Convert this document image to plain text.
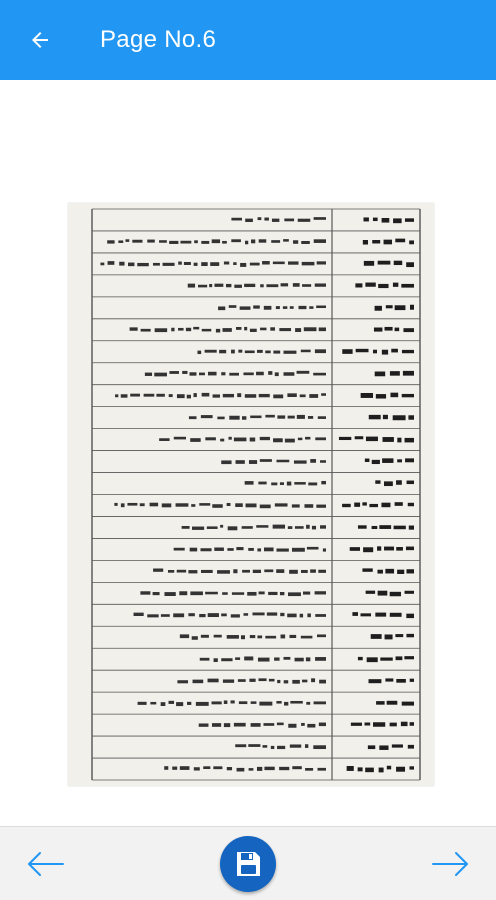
Page No.6
